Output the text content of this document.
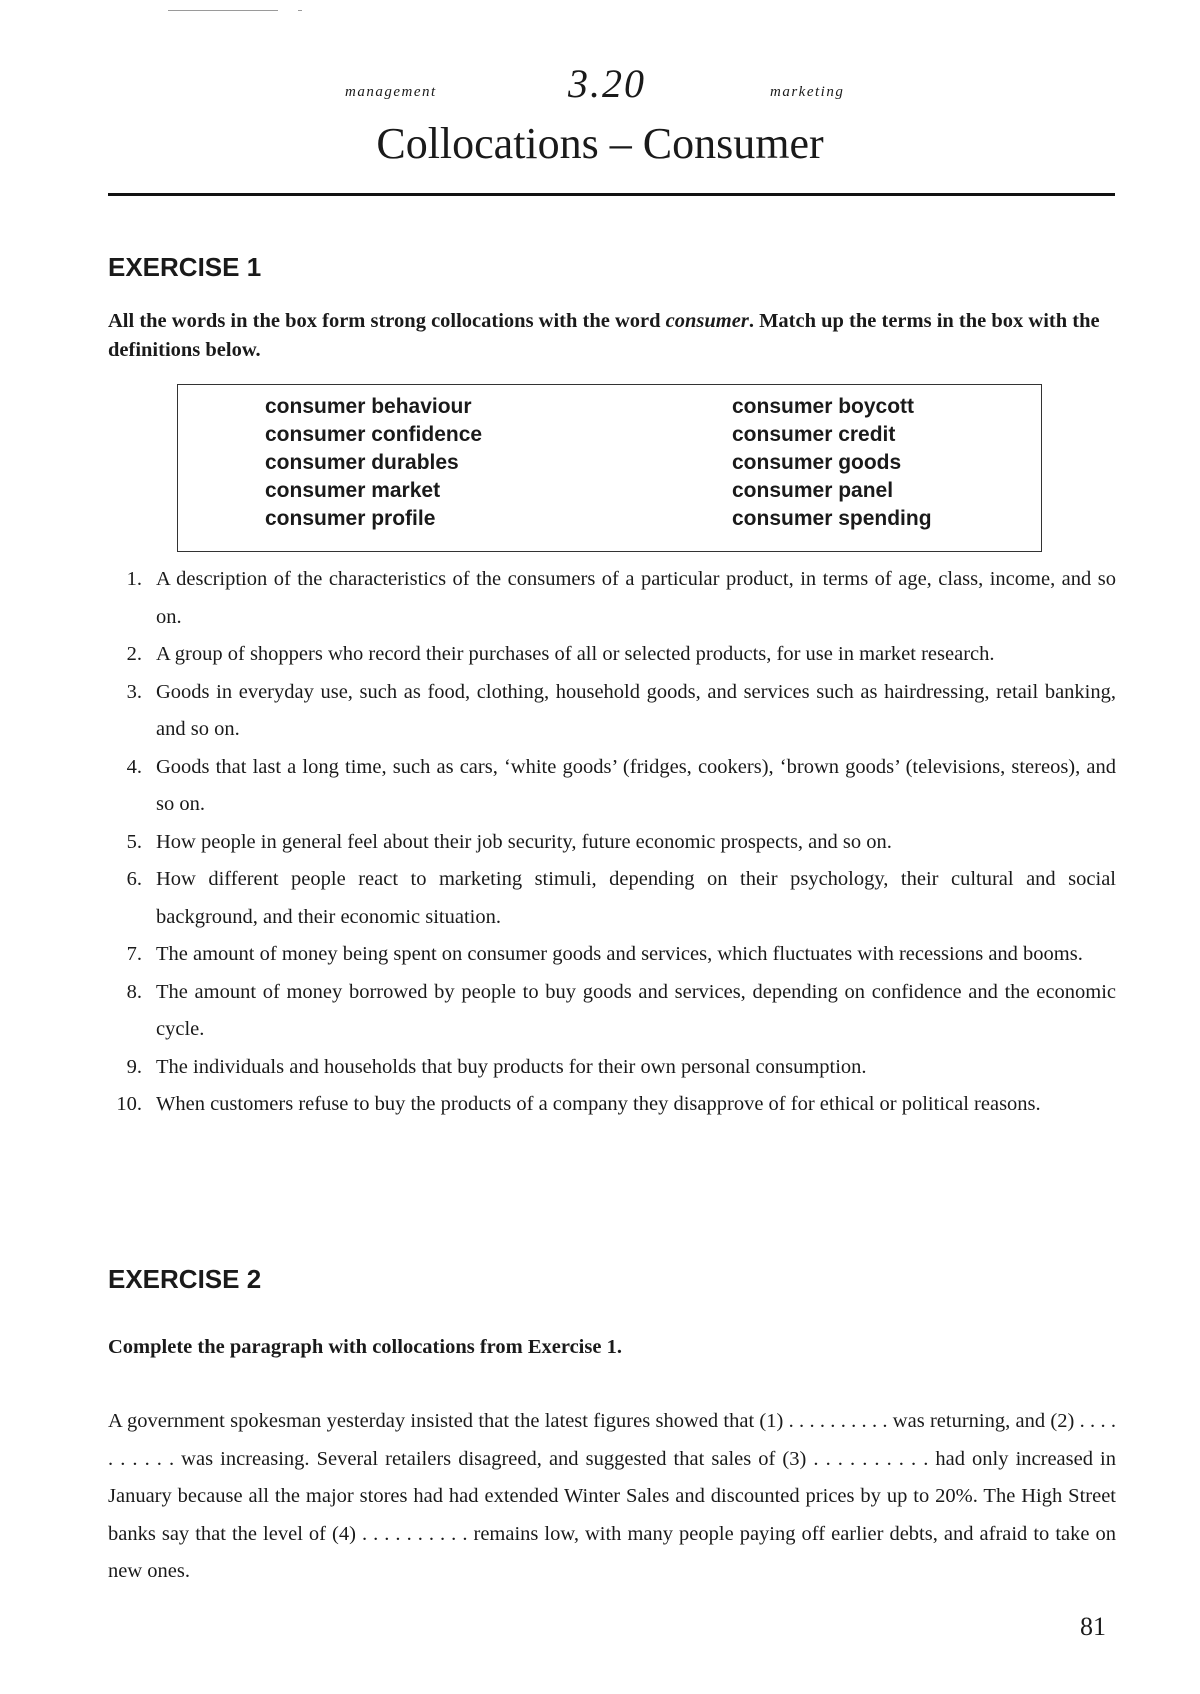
management	3.20	marketing
Collocations – Consumer
EXERCISE 1

All the words in the box form strong collocations with the word consumer. Match up the terms in the box with the definitions below.

consumer behaviour
consumer confidence
consumer durables
consumer market
consumer profile
consumer boycott
consumer credit
consumer goods
consumer panel
consumer spending
1. A description of the characteristics of the consumers of a particular product, in terms of age, class, income, and so on.
2. A group of shoppers who record their purchases of all or selected products, for use in market research.
3. Goods in everyday use, such as food, clothing, household goods, and services such as hairdressing, retail banking, and so on.
4. Goods that last a long time, such as cars, ‘white goods’ (fridges, cookers), ‘brown goods’ (televisions, stereos), and so on.
5. How people in general feel about their job security, future economic prospects, and so on.
6. How different people react to marketing stimuli, depending on their psychology, their cultural and social background, and their economic situation.
7. The amount of money being spent on consumer goods and services, which fluctuates with recessions and booms.
8. The amount of money borrowed by people to buy goods and services, depending on confidence and the economic cycle.
9. The individuals and households that buy products for their own personal consumption.
10. When customers refuse to buy the products of a company they disapprove of for ethical or political reasons.
EXERCISE 2

Complete the paragraph with collocations from Exercise 1.

A government spokesman yesterday insisted that the latest figures showed that (1) . . . . . . . . . . was returning, and (2) . . . . . . . . . . was increasing. Several retailers disagreed, and suggested that sales of (3) . . . . . . . . . . had only increased in January because all the major stores had had extended Winter Sales and discounted prices by up to 20%. The High Street banks say that the level of (4) . . . . . . . . . . remains low, with many people paying off earlier debts, and afraid to take on new ones.

81
